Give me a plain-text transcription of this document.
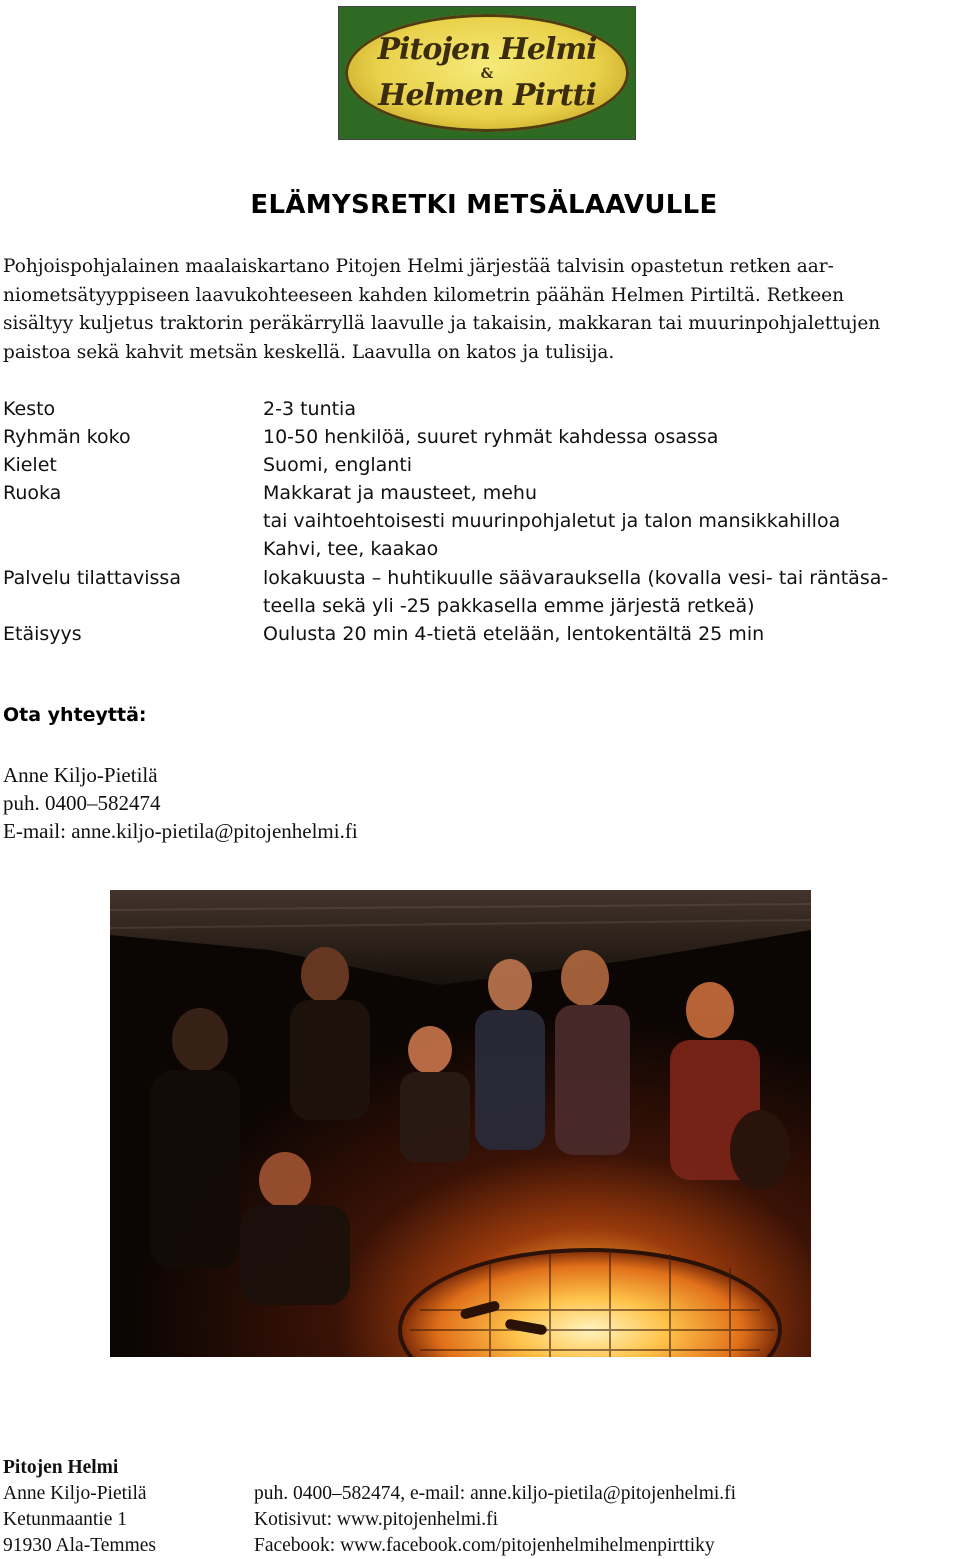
Pitojen Helmi
&
Helmen Pirtti
ELÄMYSRETKI METSÄLAAVULLE
Pohjoispohjalainen maalaiskartano Pitojen Helmi järjestää talvisin opastetun retken aar-
niometsätyyppiseen laavukohteeseen kahden kilometrin päähän Helmen Pirtiltä. Retkeen
sisältyy kuljetus traktorin peräkärryllä laavulle ja takaisin, makkaran tai muurinpohjalettujen
paistoa sekä kahvit metsän keskellä. Laavulla on katos ja tulisija.
Kesto
Ryhmän koko
Kielet
Ruoka
Palvelu tilattavissa
Etäisyys
2-3 tuntia
10-50 henkilöä, suuret ryhmät kahdessa osassa
Suomi, englanti
Makkarat ja mausteet, mehu
tai vaihtoehtoisesti muurinpohjaletut ja talon mansikkahilloa
Kahvi, tee, kaakao
lokakuusta – huhtikuulle säävarauksella (kovalla vesi- tai räntäsa-
teella sekä yli -25 pakkasella emme järjestä retkeä)
Oulusta 20 min 4-tietä etelään, lentokentältä 25 min
Ota yhteyttä:
Anne Kiljo-Pietilä
puh. 0400–582474
E-mail: anne.kiljo-pietila@pitojenhelmi.fi
Pitojen Helmi
Anne Kiljo-Pietilä
Ketunmaantie 1
91930 Ala-Temmes
puh. 0400–582474, e-mail: anne.kiljo-pietila@pitojenhelmi.fi
Kotisivut: www.pitojenhelmi.fi
Facebook: www.facebook.com/pitojenhelmihelmenpirttiky
